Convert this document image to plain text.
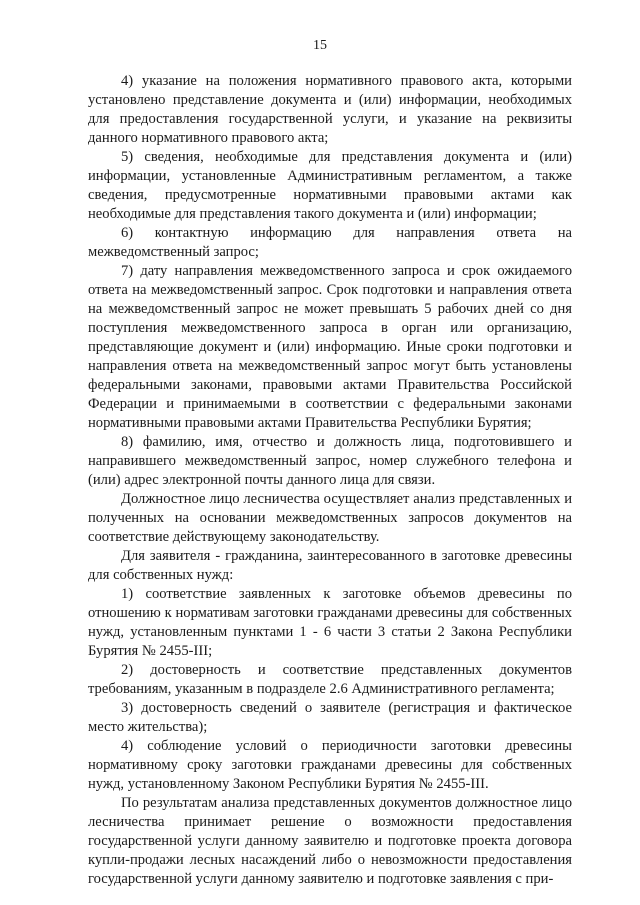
15

4) указание на положения нормативного правового акта, которыми установлено представление документа и (или) информации, необходимых для предоставления государственной услуги, и указание на реквизиты данного нормативного правового акта;

5) сведения, необходимые для представления документа и (или) информации, установленные Административным регламентом, а также сведения, предусмотренные нормативными правовыми актами как необходимые для представления такого документа и (или) информации;

6) контактную информацию для направления ответа на межведомственный запрос;

7) дату направления межведомственного запроса и срок ожидаемого ответа на межведомственный запрос. Срок подготовки и направления ответа на межведомственный запрос не может превышать 5 рабочих дней со дня поступления межведомственного запроса в орган или организацию, представляющие документ и (или) информацию. Иные сроки подготовки и направления ответа на межведомственный запрос могут быть установлены федеральными законами, правовыми актами Правительства Российской Федерации и принимаемыми в соответствии с федеральными законами нормативными правовыми актами Правительства Республики Бурятия;

8) фамилию, имя, отчество и должность лица, подготовившего и направившего межведомственный запрос, номер служебного телефона и (или) адрес электронной почты данного лица для связи.

Должностное лицо лесничества осуществляет анализ представленных и полученных на основании межведомственных запросов документов на соответствие действующему законодательству.

Для заявителя - гражданина, заинтересованного в заготовке древесины для собственных нужд:

1) соответствие заявленных к заготовке объемов древесины по отношению к нормативам заготовки гражданами древесины для собственных нужд, установленным пунктами 1 - 6 части 3 статьи 2 Закона Республики Бурятия № 2455-III;

2) достоверность и соответствие представленных документов требованиям, указанным в подразделе 2.6 Административного регламента;

3) достоверность сведений о заявителе (регистрация и фактическое место жительства);

4) соблюдение условий о периодичности заготовки древесины нормативному сроку заготовки гражданами древесины для собственных нужд, установленному Законом Республики Бурятия № 2455-III.

По результатам анализа представленных документов должностное лицо лесничества принимает решение о возможности предоставления государственной услуги данному заявителю и подготовке проекта договора купли-продажи лесных насаждений либо о невозможности предоставления государственной услуги данному заявителю и подготовке заявления с при-
